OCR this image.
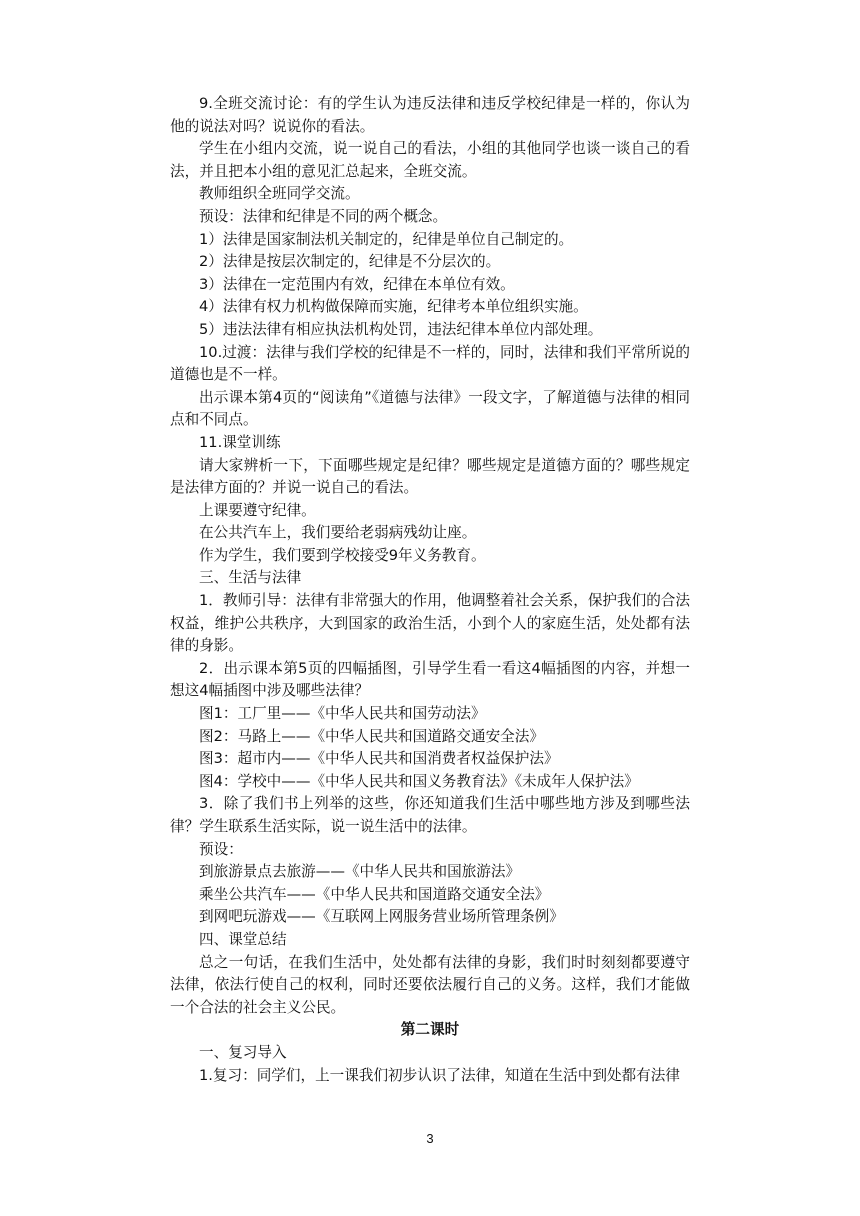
9.全班交流讨论：有的学生认为违反法律和违反学校纪律是一样的，你认为他的说法对吗？说说你的看法。

学生在小组内交流，说一说自己的看法，小组的其他同学也谈一谈自己的看法，并且把本小组的意见汇总起来，全班交流。

教师组织全班同学交流。

预设：法律和纪律是不同的两个概念。

1）法律是国家制法机关制定的，纪律是单位自己制定的。

2）法律是按层次制定的，纪律是不分层次的。

3）法律在一定范围内有效，纪律在本单位有效。

4）法律有权力机构做保障而实施，纪律考本单位组织实施。

5）违法法律有相应执法机构处罚，违法纪律本单位内部处理。

10.过渡：法律与我们学校的纪律是不一样的，同时，法律和我们平常所说的道德也是不一样。

出示课本第4页的“阅读角”《道德与法律》一段文字，了解道德与法律的相同点和不同点。

11.课堂训练

请大家辨析一下，下面哪些规定是纪律？哪些规定是道德方面的？哪些规定是法律方面的？并说一说自己的看法。

上课要遵守纪律。

在公共汽车上，我们要给老弱病残幼让座。

作为学生，我们要到学校接受9年义务教育。

三、生活与法律

1．教师引导：法律有非常强大的作用，他调整着社会关系，保护我们的合法权益，维护公共秩序，大到国家的政治生活，小到个人的家庭生活，处处都有法律的身影。

2．出示课本第5页的四幅插图，引导学生看一看这4幅插图的内容，并想一想这4幅插图中涉及哪些法律？

图1：工厂里——《中华人民共和国劳动法》

图2：马路上——《中华人民共和国道路交通安全法》

图3：超市内——《中华人民共和国消费者权益保护法》

图4：学校中——《中华人民共和国义务教育法》《未成年人保护法》

3．除了我们书上列举的这些，你还知道我们生活中哪些地方涉及到哪些法律？学生联系生活实际，说一说生活中的法律。

预设：

到旅游景点去旅游——《中华人民共和国旅游法》

乘坐公共汽车——《中华人民共和国道路交通安全法》

到网吧玩游戏——《互联网上网服务营业场所管理条例》

四、课堂总结

总之一句话，在我们生活中，处处都有法律的身影，我们时时刻刻都要遵守法律，依法行使自己的权利，同时还要依法履行自己的义务。这样，我们才能做一个合法的社会主义公民。

第二课时

一、复习导入

1.复习：同学们，上一课我们初步认识了法律，知道在生活中到处都有法律

3
